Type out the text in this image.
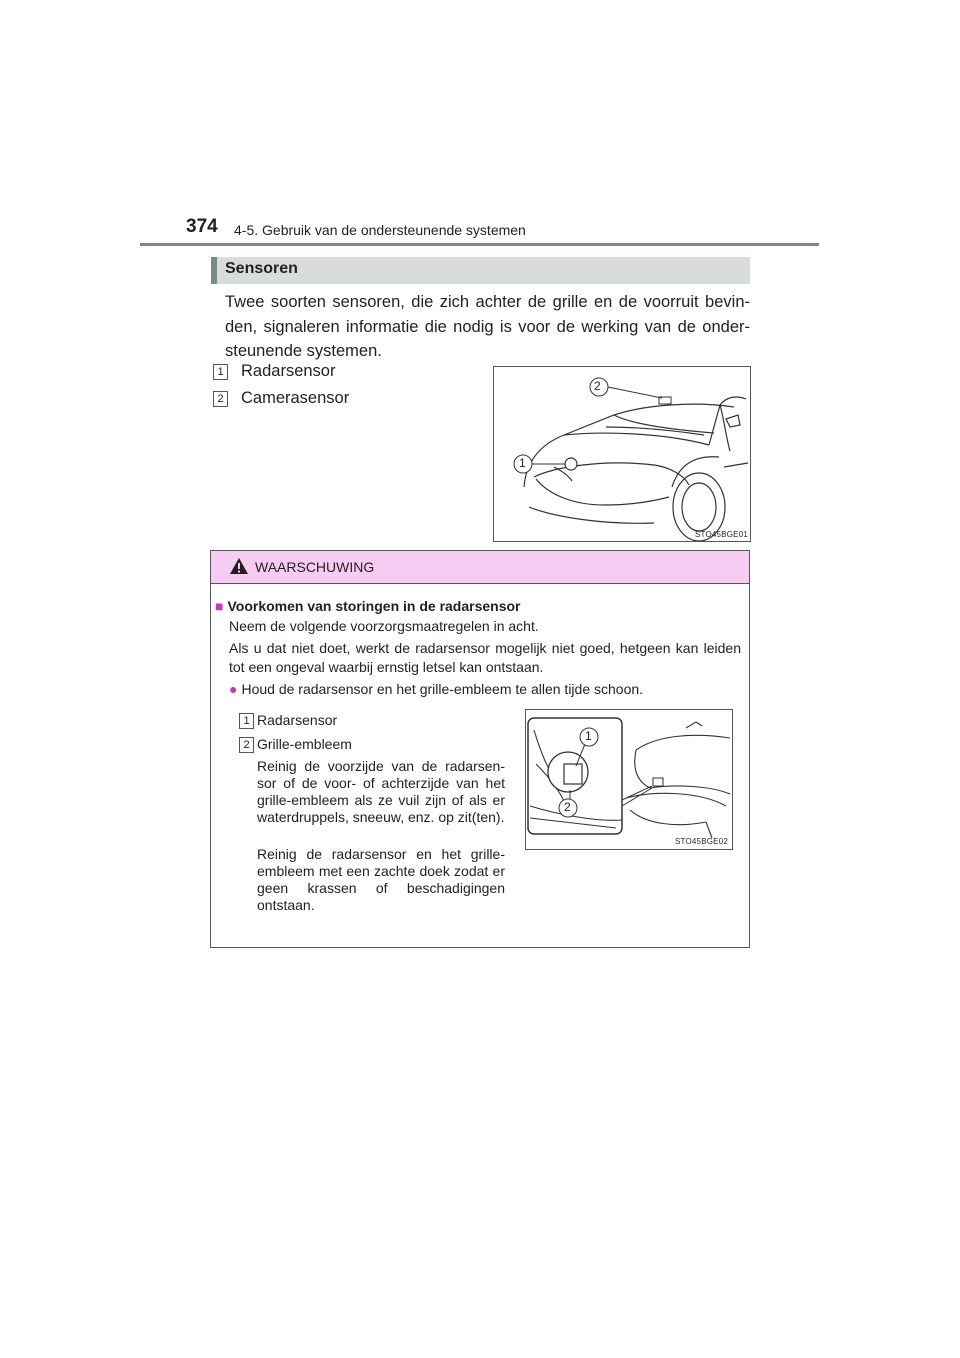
374 4-5. Gebruik van de ondersteunende systemen
Sensoren
Twee soorten sensoren, die zich achter de grille en de voorruit bevin-den, signaleren informatie die nodig is voor de werking van de onder-steunende systemen.
1 Radarsensor
2 Camerasensor
2
1
STO45BGE01
WAARSCHUWING
■ Voorkomen van storingen in de radarsensor
Neem de volgende voorzorgsmaatregelen in acht.
Als u dat niet doet, werkt de radarsensor mogelijk niet goed, hetgeen kan leiden tot een ongeval waarbij ernstig letsel kan ontstaan.
● Houd de radarsensor en het grille-embleem te allen tijde schoon.
1 Radarsensor
2 Grille-embleem
Reinig de voorzijde van de radarsen-sor of de voor- of achterzijde van het grille-embleem als ze vuil zijn of als er waterdruppels, sneeuw, enz. op zit(ten).
Reinig de radarsensor en het grille-embleem met een zachte doek zodat er geen krassen of beschadigingen ontstaan.
1
2
STO45BGE02
